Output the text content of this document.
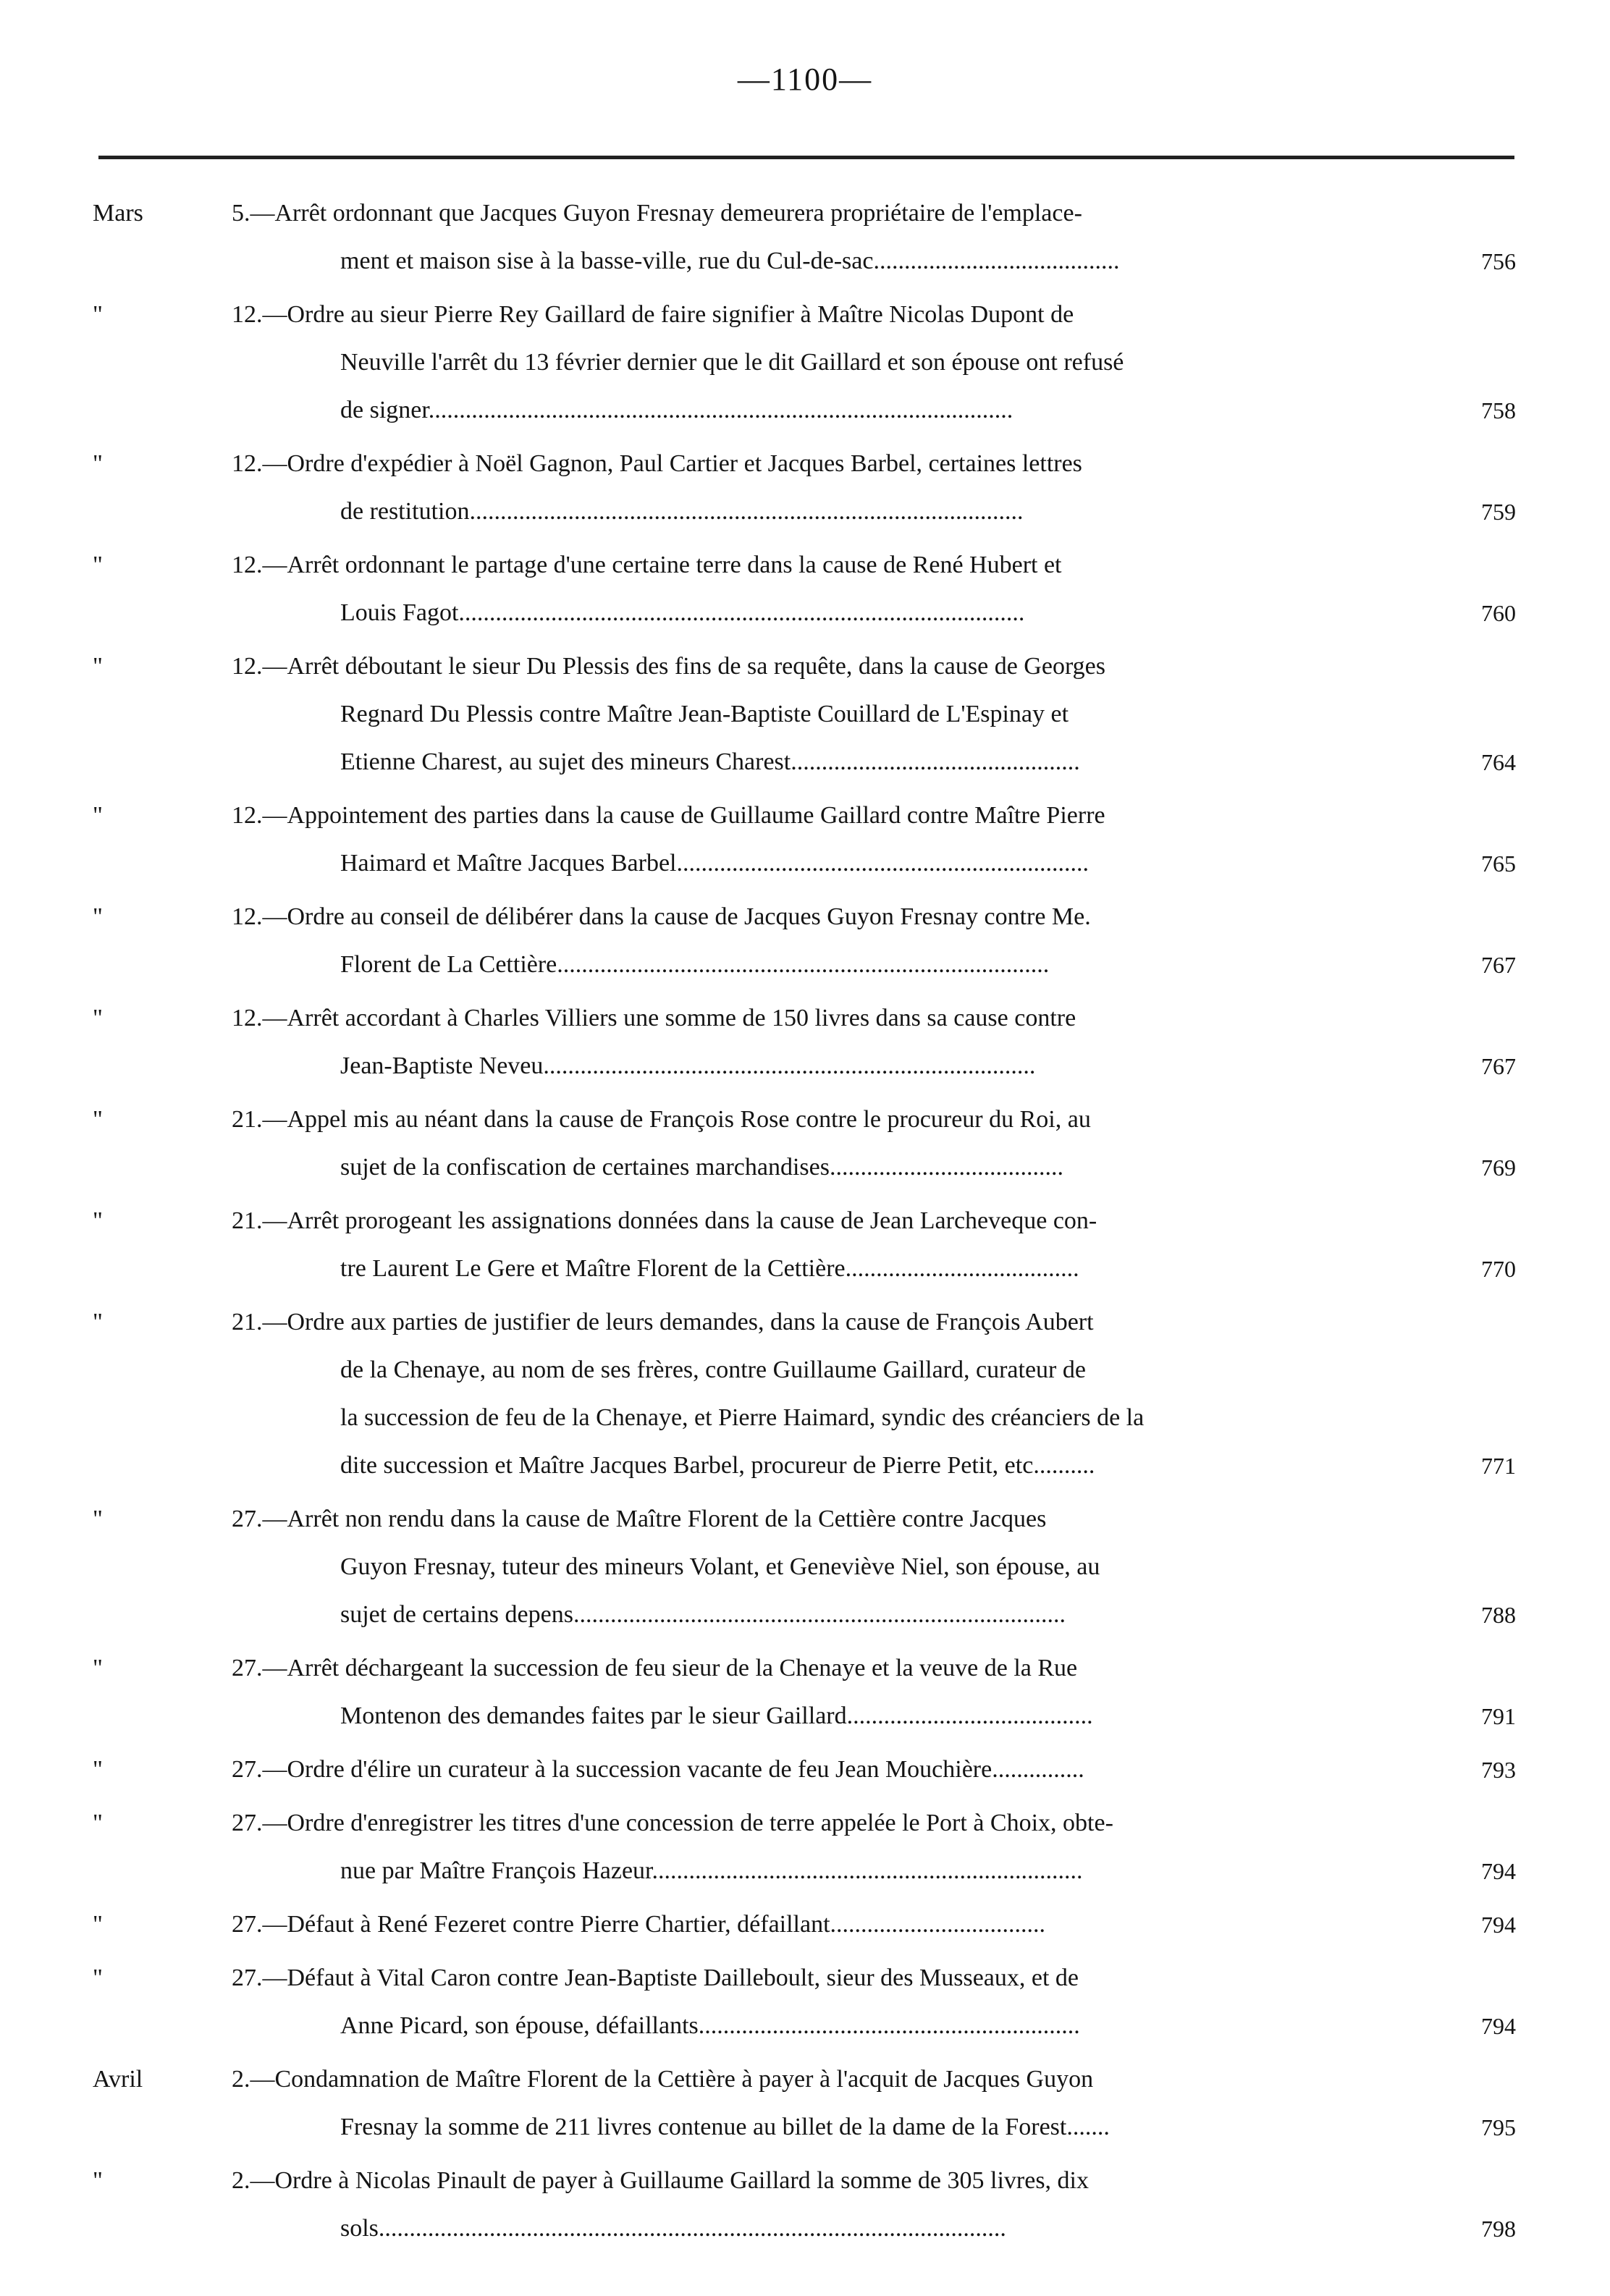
—1100—
Mars	5.—Arrêt ordonnant que Jacques Guyon Fresnay demeurera propriétaire de l'emplace-
ment et maison sise à la basse-ville, rue du Cul-de-sac........................................	756
"	12.—Ordre au sieur Pierre Rey Gaillard de faire signifier à Maître Nicolas Dupont de
Neuville l'arrêt du 13 février dernier que le dit Gaillard et son épouse ont refusé
de signer...............................................................................................	758
"	12.—Ordre d'expédier à Noël Gagnon, Paul Cartier et Jacques Barbel, certaines lettres
de restitution..........................................................................................	759
"	12.—Arrêt ordonnant le partage d'une certaine terre dans la cause de René Hubert et
Louis Fagot............................................................................................	760
"	12.—Arrêt déboutant le sieur Du Plessis des fins de sa requête, dans la cause de Georges
Regnard Du Plessis contre Maître Jean-Baptiste Couillard de L'Espinay et
Etienne Charest, au sujet des mineurs Charest...............................................	764
"	12.—Appointement des parties dans la cause de Guillaume Gaillard contre Maître Pierre
Haimard et Maître Jacques Barbel...................................................................	765
"	12.—Ordre au conseil de délibérer dans la cause de Jacques Guyon Fresnay contre Me.
Florent de La Cettière................................................................................	767
"	12.—Arrêt accordant à Charles Villiers une somme de 150 livres dans sa cause contre
Jean-Baptiste Neveu................................................................................	767
"	21.—Appel mis au néant dans la cause de François Rose contre le procureur du Roi, au
sujet de la confiscation de certaines marchandises......................................	769
"	21.—Arrêt prorogeant les assignations données dans la cause de Jean Larcheveque con-
tre Laurent Le Gere et Maître Florent de la Cettière......................................	770
"	21.—Ordre aux parties de justifier de leurs demandes, dans la cause de François Aubert
de la Chenaye, au nom de ses frères, contre Guillaume Gaillard, curateur de
la succession de feu de la Chenaye, et Pierre Haimard, syndic des créanciers de la
dite succession et Maître Jacques Barbel, procureur de Pierre Petit, etc..........	771
"	27.—Arrêt non rendu dans la cause de Maître Florent de la Cettière contre Jacques
Guyon Fresnay, tuteur des mineurs Volant, et Geneviève Niel, son épouse, au
sujet de certains depens................................................................................	788
"	27.—Arrêt déchargeant la succession de feu sieur de la Chenaye et la veuve de la Rue
Montenon des demandes faites par le sieur Gaillard........................................	791
"	27.—Ordre d'élire un curateur à la succession vacante de feu Jean Mouchière...............	793
"	27.—Ordre d'enregistrer les titres d'une concession de terre appelée le Port à Choix, obte-
nue par Maître François Hazeur......................................................................	794
"	27.—Défaut à René Fezeret contre Pierre Chartier, défaillant...................................	794
"	27.—Défaut à Vital Caron contre Jean-Baptiste Dailleboult, sieur des Musseaux, et de
Anne Picard, son épouse, défaillants..............................................................	794
Avril	2.—Condamnation de Maître Florent de la Cettière à payer à l'acquit de Jacques Guyon
Fresnay la somme de 211 livres contenue au billet de la dame de la Forest.......	795
"	2.—Ordre à Nicolas Pinault de payer à Guillaume Gaillard la somme de 305 livres, dix
sols......................................................................................................	798
